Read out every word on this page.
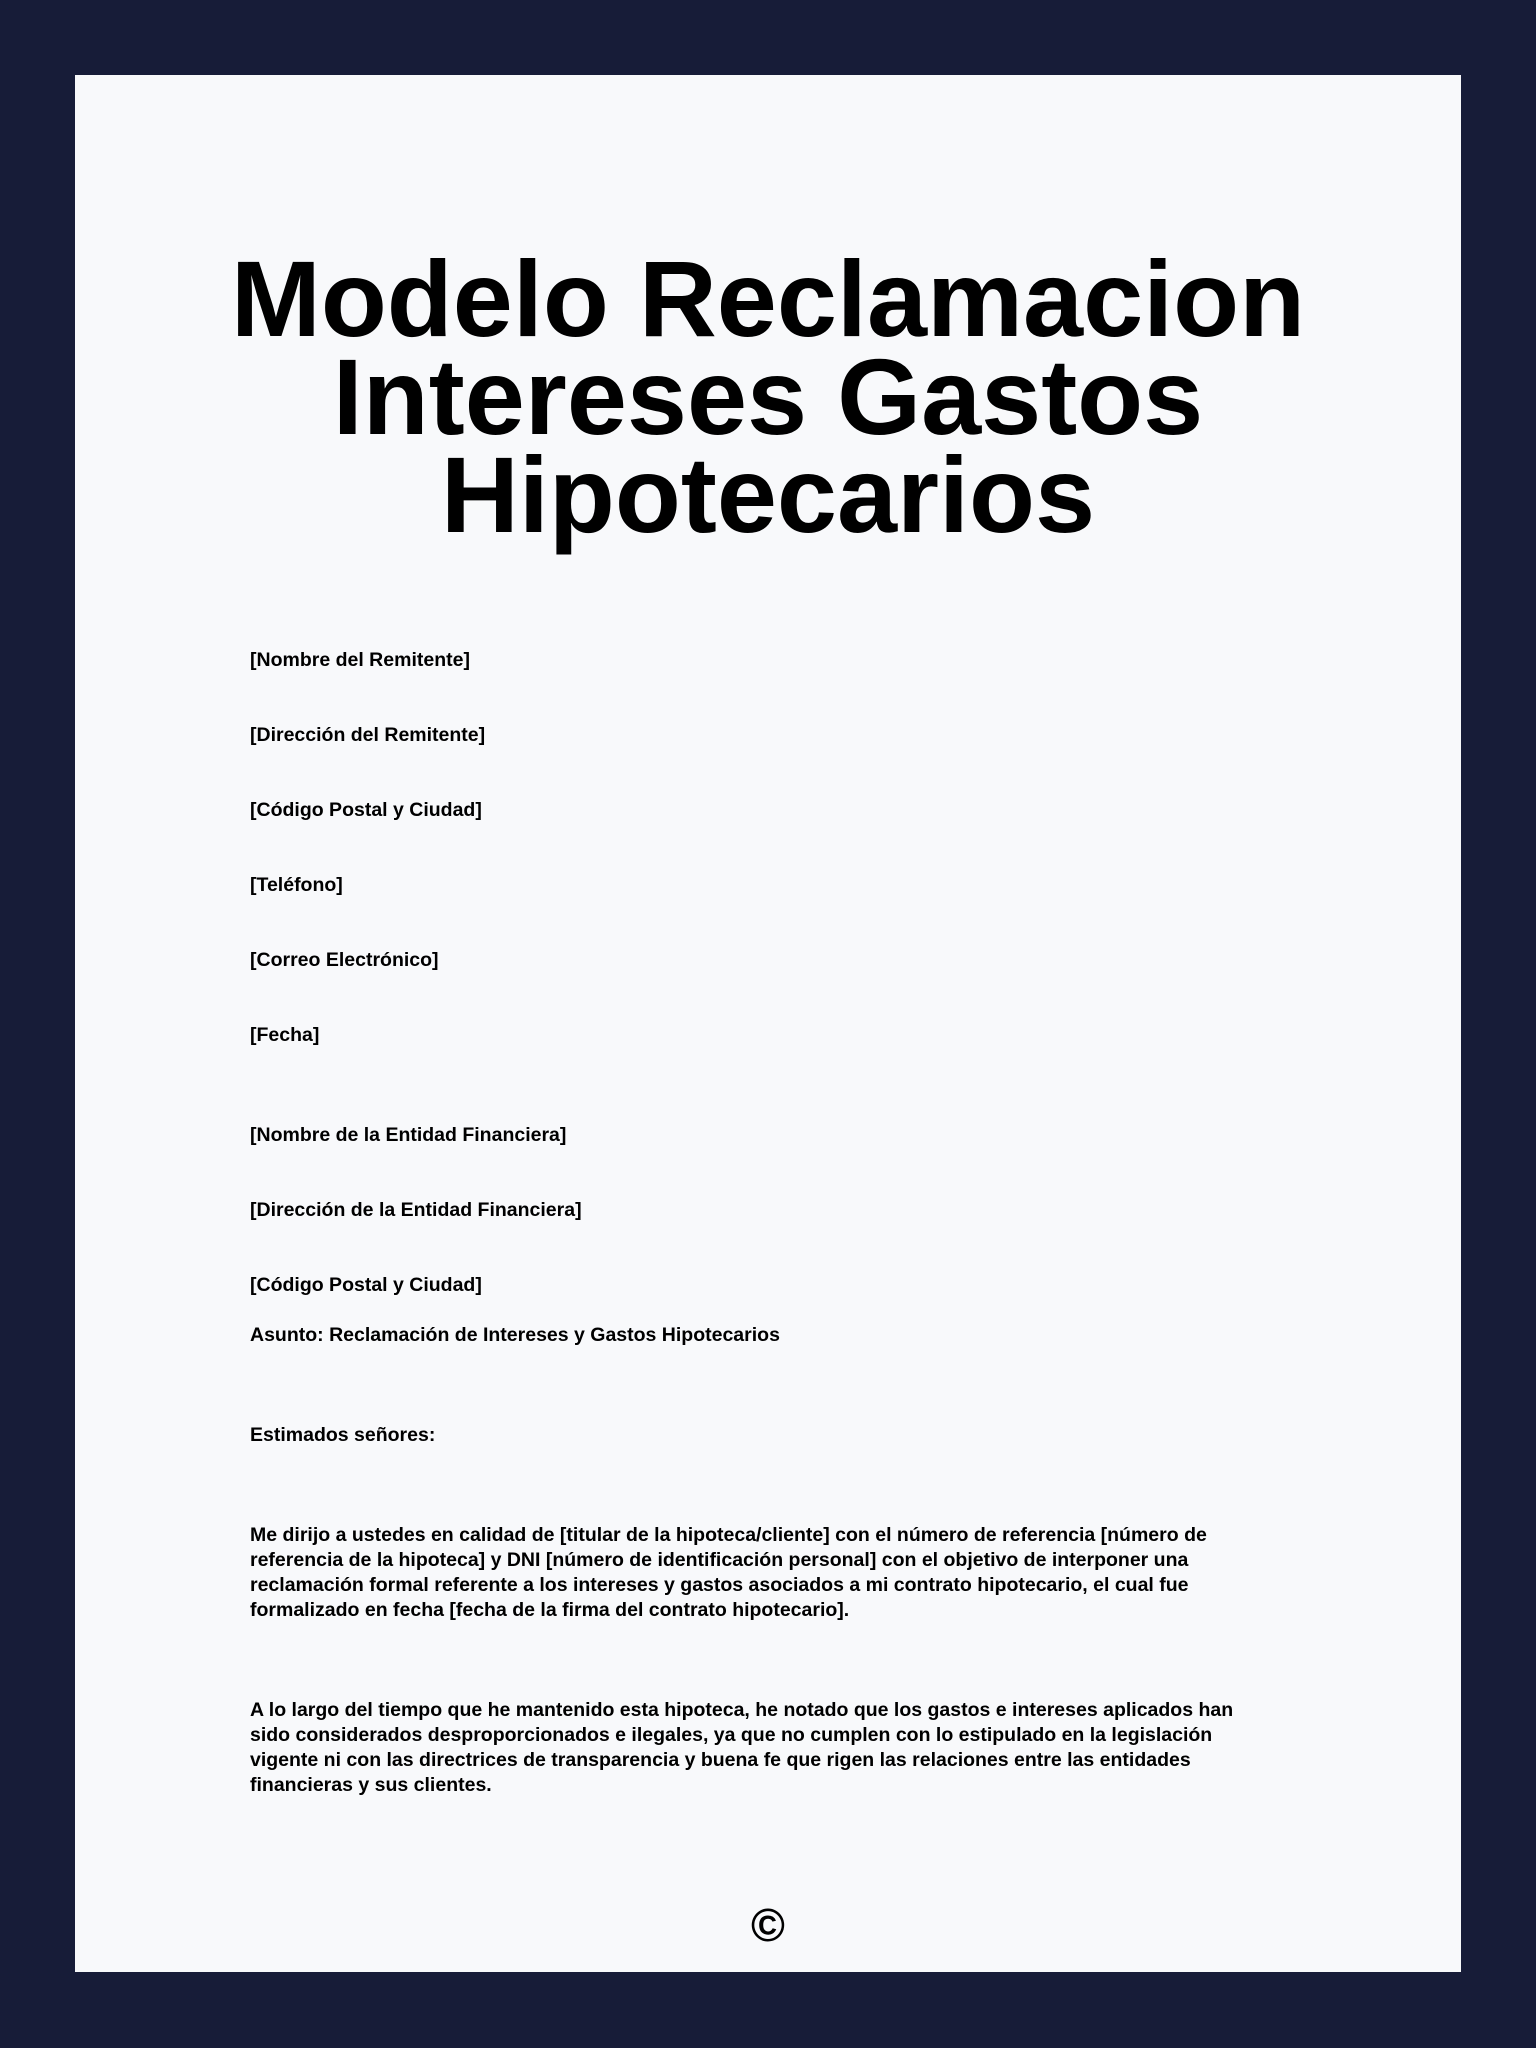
Modelo Reclamacion
Intereses Gastos
Hipotecarios

[Nombre del Remitente]

[Dirección del Remitente]

[Código Postal y Ciudad]

[Teléfono]

[Correo Electrónico]

[Fecha]

[Nombre de la Entidad Financiera]

[Dirección de la Entidad Financiera]

[Código Postal y Ciudad]

Asunto: Reclamación de Intereses y Gastos Hipotecarios

Estimados señores:

Me dirijo a ustedes en calidad de [titular de la hipoteca/cliente] con el número de referencia [número de
referencia de la hipoteca] y DNI [número de identificación personal] con el objetivo de interponer una
reclamación formal referente a los intereses y gastos asociados a mi contrato hipotecario, el cual fue
formalizado en fecha [fecha de la firma del contrato hipotecario].
A lo largo del tiempo que he mantenido esta hipoteca, he notado que los gastos e intereses aplicados han
sido considerados desproporcionados e ilegales, ya que no cumplen con lo estipulado en la legislación
vigente ni con las directrices de transparencia y buena fe que rigen las relaciones entre las entidades
financieras y sus clientes.
©
